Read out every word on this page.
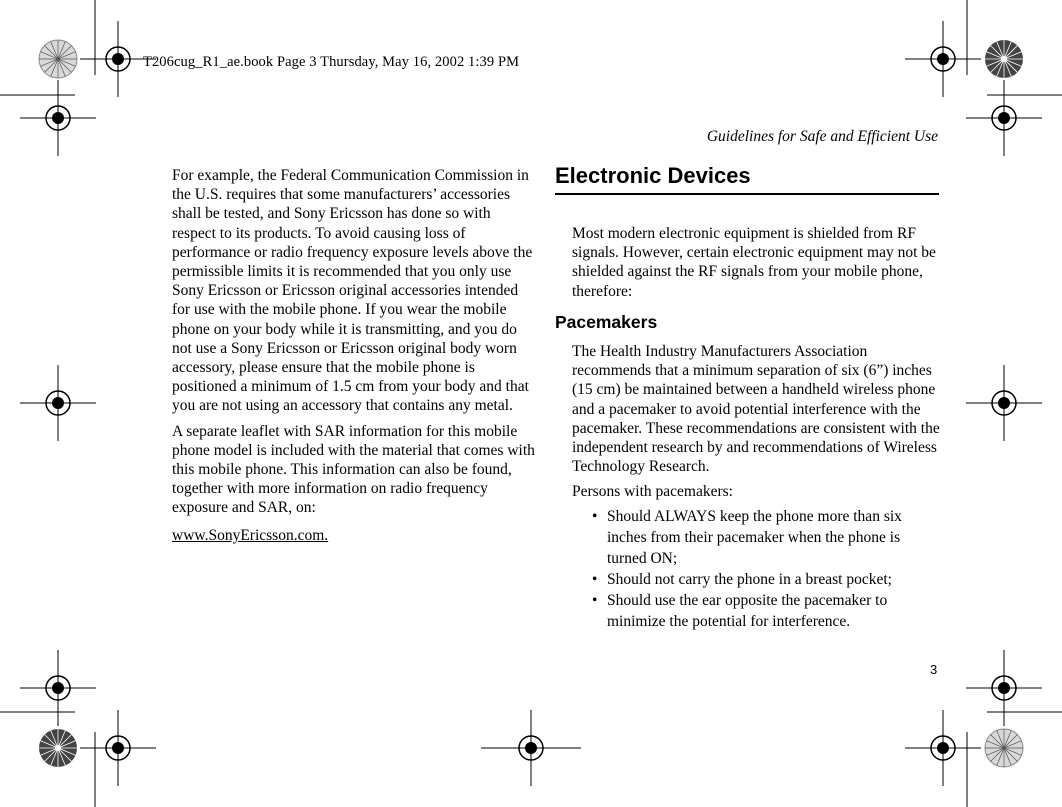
T206cug_R1_ae.book Page 3 Thursday, May 16, 2002 1:39 PM
Guidelines for Safe and Efficient Use

For example, the Federal Communication Commission in the U.S. requires that some manufacturers’ accessories shall be tested, and Sony Ericsson has done so with respect to its products. To avoid causing loss of performance or radio frequency exposure levels above the permissible limits it is recommended that you only use Sony Ericsson or Ericsson original accessories intended for use with the mobile phone. If you wear the mobile phone on your body while it is transmitting, and you do not use a Sony Ericsson or Ericsson original body worn accessory, please ensure that the mobile phone is positioned a minimum of 1.5 cm from your body and that you are not using an accessory that contains any metal.

A separate leaflet with SAR information for this mobile phone model is included with the material that comes with this mobile phone. This information can also be found, together with more information on radio frequency exposure and SAR, on:

www.SonyEricsson.com.

Electronic Devices

Most modern electronic equipment is shielded from RF signals. However, certain electronic equipment may not be shielded against the RF signals from your mobile phone, therefore:

Pacemakers

The Health Industry Manufacturers Association recommends that a minimum separation of six (6”) inches (15 cm) be maintained between a handheld wireless phone and a pacemaker to avoid potential interference with the pacemaker. These recommendations are consistent with the independent research by and recommendations of Wireless Technology Research.

Persons with pacemakers:

• Should ALWAYS keep the phone more than six inches from their pacemaker when the phone is turned ON;
• Should not carry the phone in a breast pocket;
• Should use the ear opposite the pacemaker to minimize the potential for interference.
3
